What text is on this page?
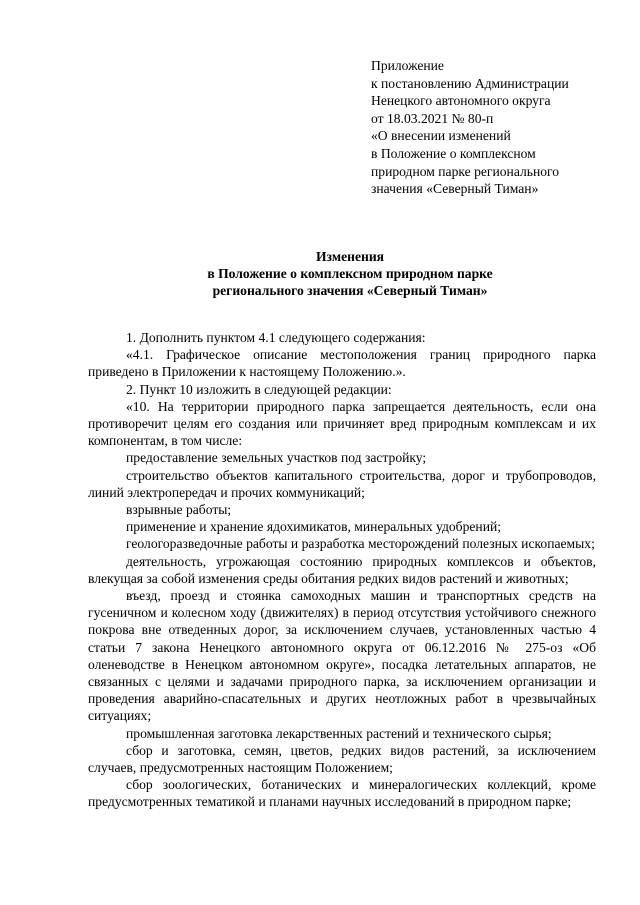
Приложение
к постановлению Администрации
Ненецкого автономного округа
от 18.03.2021 № 80-п
«О внесении изменений
в Положение о комплексном
природном парке регионального
значения «Северный Тиман»
Изменения
в Положение о комплексном природном парке
регионального значения «Северный Тиман»

1. Дополнить пунктом 4.1 следующего содержания:

«4.1. Графическое описание местоположения границ природного парка приведено в Приложении к настоящему Положению.».

2. Пункт 10 изложить в следующей редакции:

«10. На территории природного парка запрещается деятельность, если она противоречит целям его создания или причиняет вред природным комплексам и их компонентам, в том числе:

предоставление земельных участков под застройку;

строительство объектов капитального строительства, дорог и трубопроводов, линий электропередач и прочих коммуникаций;

взрывные работы;

применение и хранение ядохимикатов, минеральных удобрений;

геологоразведочные работы и разработка месторождений полезных ископаемых;

деятельность, угрожающая состоянию природных комплексов и объектов, влекущая за собой изменения среды обитания редких видов растений и животных;

въезд, проезд и стоянка самоходных машин и транспортных средств на гусеничном и колесном ходу (движителях) в период отсутствия устойчивого снежного покрова вне отведенных дорог, за исключением случаев, установленных частью 4 статьи 7 закона Ненецкого автономного округа от 06.12.2016 № 275-оз «Об оленеводстве в Ненецком автономном округе», посадка летательных аппаратов, не связанных с целями и задачами природного парка, за исключением организации и проведения аварийно-спасательных и других неотложных работ в чрезвычайных ситуациях;

промышленная заготовка лекарственных растений и технического сырья;

сбор и заготовка, семян, цветов, редких видов растений, за исключением случаев, предусмотренных настоящим Положением;

сбор зоологических, ботанических и минералогических коллекций, кроме предусмотренных тематикой и планами научных исследований в природном парке;
